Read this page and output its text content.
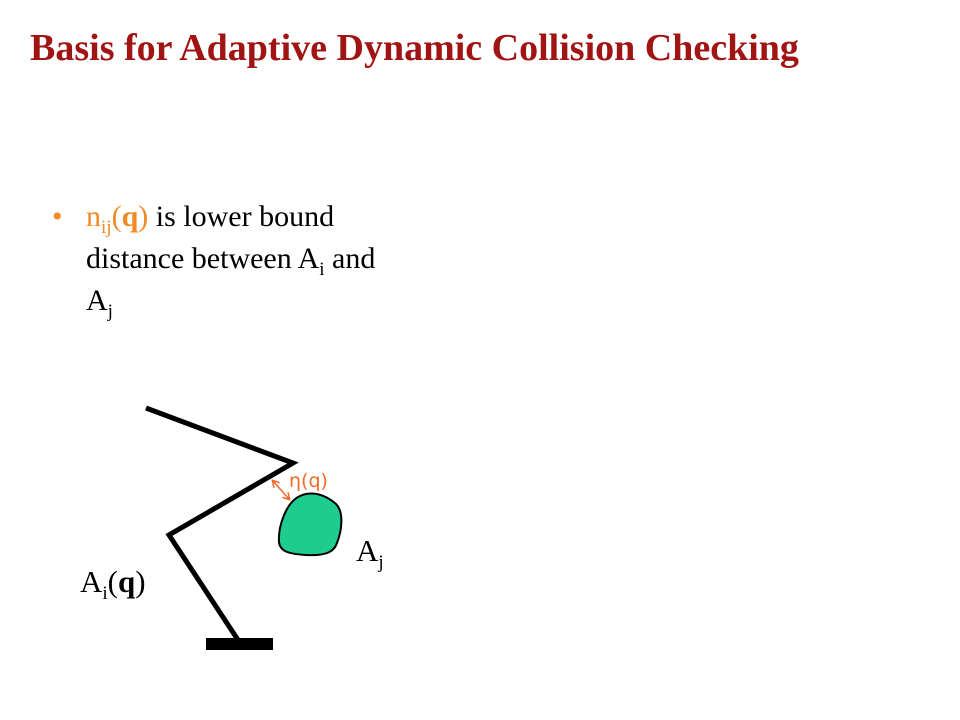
Basis for Adaptive Dynamic Collision Checking
• $n_{ij}(q)$ is lower bound
distance between $A_i$ and
$A_j$
η(q)
$A_j$
$A_i(q)$
